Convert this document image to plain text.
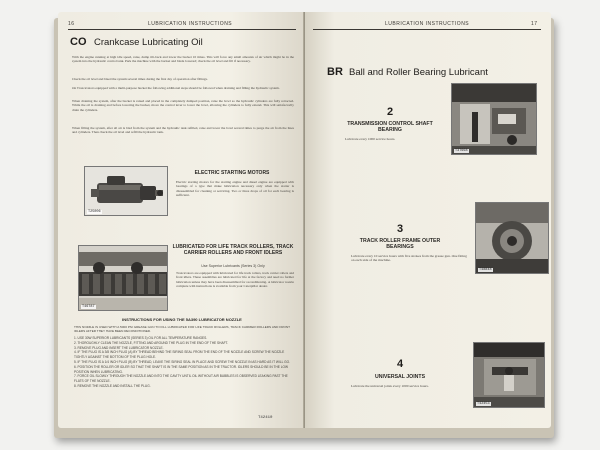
16	LUBRICATION INSTRUCTIONS
CO Crankcase Lubricating Oil

With the engine running at high idle speed, raise, dump tilt-back and lower the bucket 10 times. This will force any small amounts of air which might be in the system into the hydraulic control tank. Park the machine with the bucket and blade lowered; check the oil level and fill if necessary.

Check the oil level and bleed the system several times during the first day of operation after fillings.

On Traxcavators equipped with a multi-purpose bucket the following additional steps should be followed when draining and filling the hydraulic system.

When draining the system, after the bucket is raised and placed in the completely dumped position, raise the bowl so the hydraulic cylinders are fully retracted. While the oil is draining and before lowering the bucket, move the control lever to lower the bowl, allowing the cylinders to fully extend. This will satisfactorily drain the cylinders.

When filling the system, after all air is bled from the system and the hydraulic tank refilled, raise and lower the bowl several times to purge the air from the lines and cylinders. Then check the oil level and refill the hydraulic tank.

T25006
ELECTRIC STARTING MOTORS

Electric starting motors for the starting engine and diesel engine are equipped with bearings of a type that make lubrication necessary only when the starter is disassembled for cleaning or servicing. Two or three drops of oil for each bearing is sufficient.

T46787
LUBRICATED FOR LIFE TRACK ROLLERS, TRACK CARRIER ROLLERS AND FRONT IDLERS
Use Superior Lubricants (Series 3) Only

Traxcavators are equipped with lubricated for life track rollers, track carrier rollers and front idlers. These assemblies are lubricated for life at the factory and need no further lubrication unless they have been disassembled for reconditioning. A lubricator nozzle complete with instructions is available from your Caterpillar dealer.

INSTRUCTIONS FOR USING THE 5A390 LUBRICATOR NOZZLE

THIS NOZZLE IS USED WITH A 5000 PSI GREASE GUN TO FILL LUBRICATED FOR LIFE TRACK ROLLERS, TRACK CARRIER ROLLERS AND FRONT IDLERS AFTER THEY HAVE BEEN RECONDITIONED.

1. USE 30W SUPERIOR LUBRICANTS (SERIES 3) OIL FOR ALL TEMPERATURE RANGES.
2. THOROUGHLY CLEAN THE NOZZLE, FITTING AND AROUND THE PLUG IN THE END OF THE SHAFT.
3. REMOVE PLUG AND INSERT THE LUBRICATOR NOZZLE.
4. IF THE PLUG IS A 3/8 INCH PLUG (A) BY THREAD BEHIND THE SIRING SEAL FROM THE END OF THE NOZZLE AND SCREW THE NOZZLE TIGHTLY AGAINST THE BOTTOM OF THE PLUG HOLE.
5. IF THE PLUG IS A 1/4 INCH PLUG (B) BY THREAD, LEAVE THE SIRING SEAL IN PLACE AND SCREW THE NOZZLE IN AS HARD AS IT WILL GO.
6. POSITION THE ROLLER OR IDLER SO THAT THE SHAFT IS IN THE SAME POSITION AS IN THE TRACTOR. IDLERS SHOULD BE IN THE LOW POSITION WHEN LUBRICATING.
7. FORCE OIL SLOWLY THROUGH THE NOZZLE AND INTO THE CAVITY UNTIL OIL WITHOUT AIR BUBBLES IS OBSERVED LEAKING PAST THE FLATS OF THE NOZZLE.
8. REMOVE THE NOZZLE AND INSTALL THE PLUG.
T42410
LUBRICATION INSTRUCTIONS	17
BR Ball and Roller Bearing Lubricant
2
TRANSMISSION CONTROL SHAFT BEARING

Lubricate every 1000 service hours.

T37668
3
TRACK ROLLER FRAME OUTER BEARINGS

Lubricate every 10 service hours with five strokes from the grease gun. One fitting on each side of the machine.

T48848
4
UNIVERSAL JOINTS

Lubricate the universal joints every 1000 service hours.

T42453
